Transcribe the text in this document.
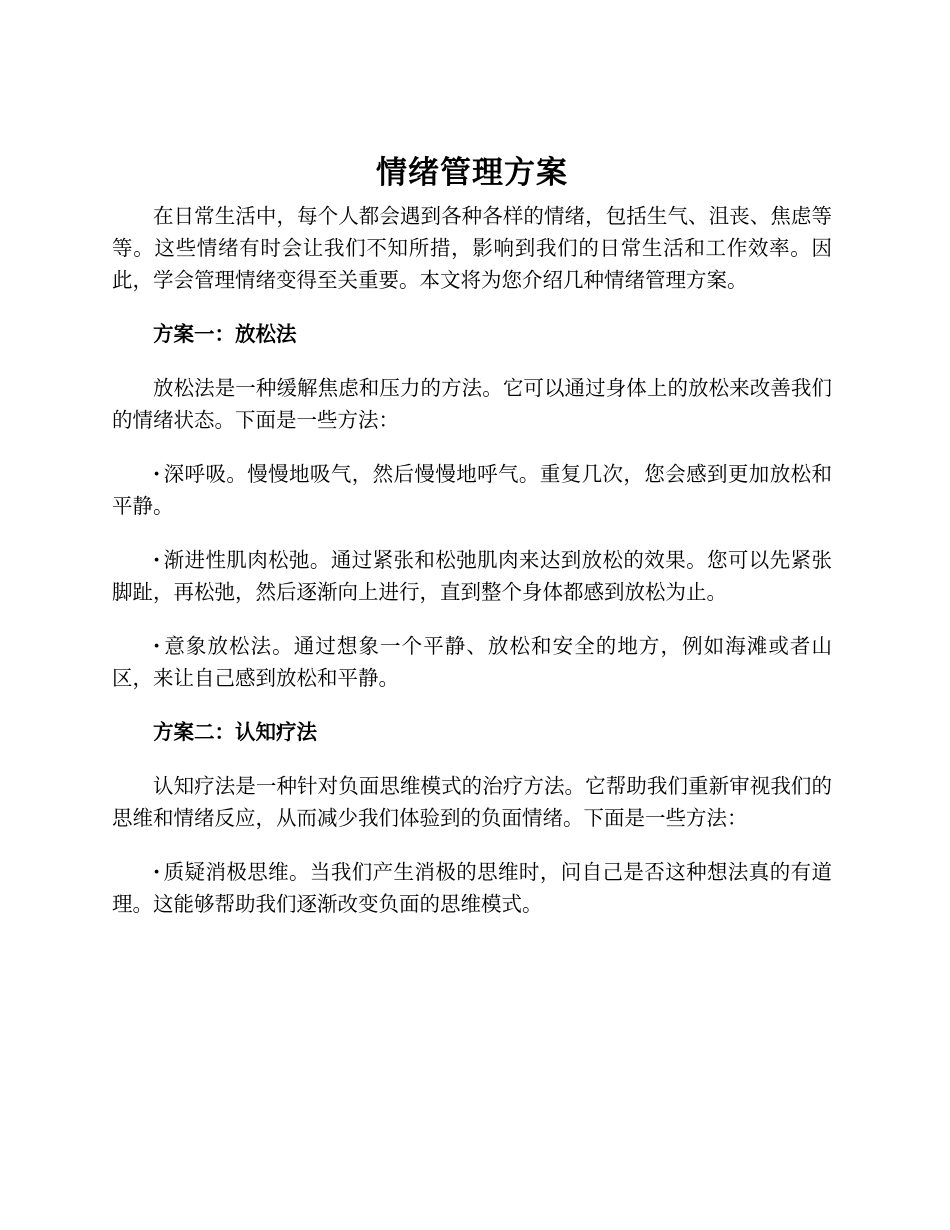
情绪管理方案

在日常生活中，每个人都会遇到各种各样的情绪，包括生气、沮丧、焦虑等等。这些情绪有时会让我们不知所措，影响到我们的日常生活和工作效率。因此，学会管理情绪变得至关重要。本文将为您介绍几种情绪管理方案。

方案一：放松法

放松法是一种缓解焦虑和压力的方法。它可以通过身体上的放松来改善我们的情绪状态。下面是一些方法：

· 深呼吸。慢慢地吸气，然后慢慢地呼气。重复几次，您会感到更加放松和平静。

· 渐进性肌肉松弛。通过紧张和松弛肌肉来达到放松的效果。您可以先紧张脚趾，再松弛，然后逐渐向上进行，直到整个身体都感到放松为止。

· 意象放松法。通过想象一个平静、放松和安全的地方，例如海滩或者山区，来让自己感到放松和平静。

方案二：认知疗法

认知疗法是一种针对负面思维模式的治疗方法。它帮助我们重新审视我们的思维和情绪反应，从而减少我们体验到的负面情绪。下面是一些方法：

· 质疑消极思维。当我们产生消极的思维时，问自己是否这种想法真的有道理。这能够帮助我们逐渐改变负面的思维模式。
